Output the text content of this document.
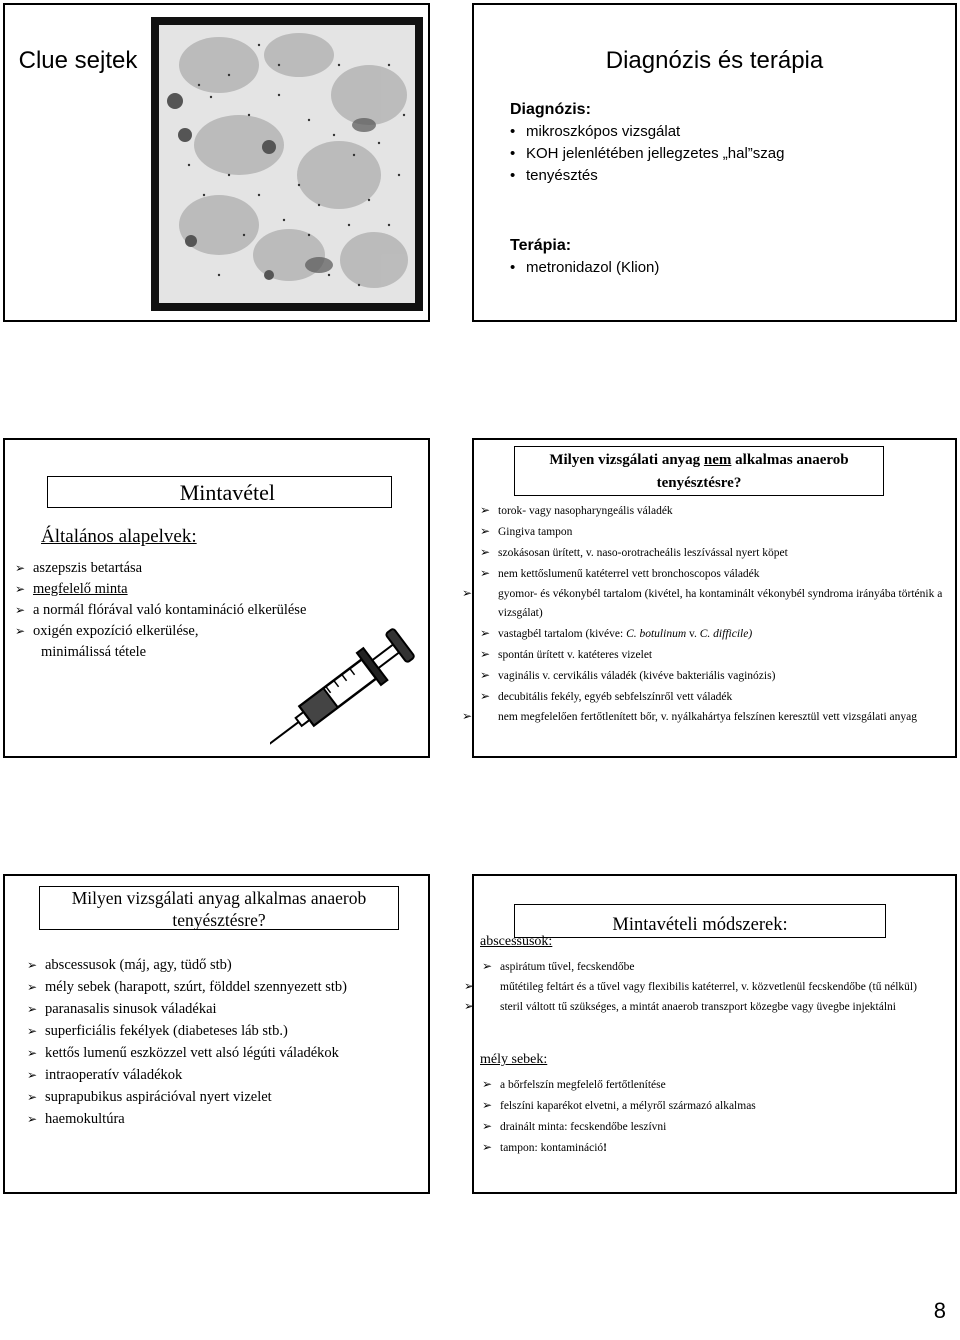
Clue sejtek	Diagnózis és terápia
Diagnózis:
• mikroszkópos vizsgálat
• KOH jelenlétében jellegzetes „hal”szag
• tenyésztés
Terápia:
• metronidazol (Klion)
Mintavétel
Általános alapelvek:
➢ aszepszis betartása
➢ megfelelő minta
➢ a normál flórával való kontamináció elkerülése
➢ oxigén expozíció elkerülése,
minimálissá tétele
Milyen vizsgálati anyag nem alkalmas anaerob tenyésztésre?
➢ torok- vagy nasopharyngeális váladék
➢ Gingiva tampon
➢ szokásosan ürített, v. naso-orotracheális leszívással nyert köpet
➢ nem kettőslumenű katéterrel vett bronchoscopos váladék
➢ gyomor- és vékonybél tartalom (kivétel, ha kontaminált vékonybél syndroma irányába történik a vizsgálat)
➢ vastagbél tartalom (kivéve: C. botulinum v. C. difficile)
➢ spontán ürített v. katéteres vizelet
➢ vaginális v. cervikális váladék (kivéve bakteriális vaginózis)
➢ decubitális fekély, egyéb sebfelszínről vett váladék
➢ nem megfelelően fertőtlenített bőr, v. nyálkahártya felszínen keresztül vett vizsgálati anyag
Milyen vizsgálati anyag alkalmas anaerob tenyésztésre?
➢ abscessusok (máj, agy, tüdő stb)
➢ mély sebek (harapott, szúrt, földdel szennyezett stb)
➢ paranasalis sinusok váladékai
➢ superficiális fekélyek (diabeteses láb stb.)
➢ kettős lumenű eszközzel vett alsó légúti váladékok
➢ intraoperatív váladékok
➢ suprapubikus aspirációval nyert vizelet
➢ haemokultúra
Mintavételi módszerek:
abscessusok:
➢ aspirátum tűvel, fecskendőbe
➢ műtétileg feltárt és a tűvel vagy flexibilis katéterrel, v. közvetlenül fecskendőbe (tű nélkül)
➢ steril váltott tű szükséges, a mintát anaerob transzport közegbe vagy üvegbe injektálni
mély sebek:
➢ a bőrfelszín megfelelő fertőtlenítése
➢ felszíni kaparékot elvetni, a mélyről származó alkalmas
➢ drainált minta: fecskendőbe leszívni
➢ tampon: kontamináció!
8
